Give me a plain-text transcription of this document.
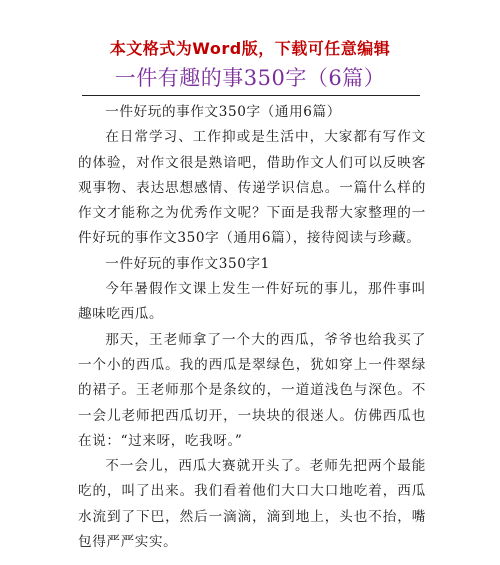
本文格式为Word版，下载可任意编辑
一件有趣的事350字（6篇）

一件好玩的事作文350字（通用6篇）

在日常学习、工作抑或是生活中，大家都有写作文的体验，对作文很是熟谙吧，借助作文人们可以反映客观事物、表达思想感情、传递学识信息。一篇什么样的作文才能称之为优秀作文呢？下面是我帮大家整理的一件好玩的事作文350字（通用6篇），接待阅读与珍藏。

一件好玩的事作文350字1

今年暑假作文课上发生一件好玩的事儿，那件事叫趣味吃西瓜。

那天，王老师拿了一个大的西瓜，爷爷也给我买了一个小的西瓜。我的西瓜是翠绿色，犹如穿上一件翠绿的裙子。王老师那个是条纹的，一道道浅色与深色。不一会儿老师把西瓜切开，一块块的很迷人。仿佛西瓜也在说：“过来呀，吃我呀。”

不一会儿，西瓜大赛就开头了。老师先把两个最能吃的，叫了出来。我们看着他们大口大口地吃着，西瓜水流到了下巴，然后一滴滴，滴到地上，头也不抬，嘴包得严严实实。
